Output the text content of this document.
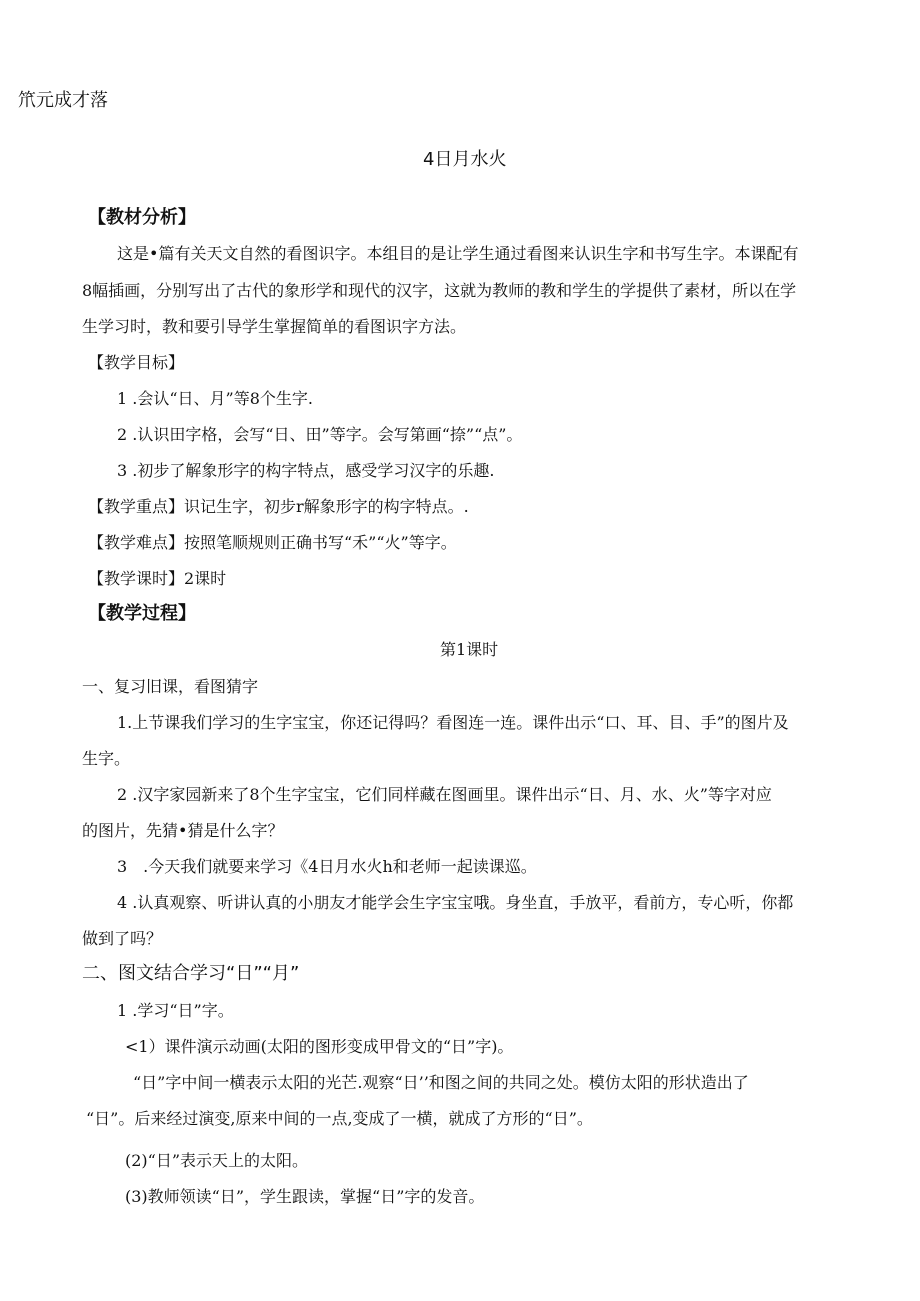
笊元成才落
4日月水火
【教材分析】
这是•篇有关天文自然的看图识字。本组目的是让学生通过看图来认识生字和书写生字。本课配有
8幅插画，分别写出了古代的象形学和现代的汉字，这就为教师的教和学生的学提供了素材，所以在学
生学习时，教和要引导学生掌握简单的看图识字方法。
【教学目标】
1 .会认“日、月”等8个生字.
2 .认识田字格，会写“日、田”等字。会写第画“捺”“点”。
3 .初步了解象形字的构字特点，感受学习汉字的乐趣.
【教学重点】识记生字，初步r解象形字的构字特点。.
【教学难点】按照笔顺规则正确书写“禾”“火”等字。
【教学课时】2课时
【教学过程】
第1课时
一、复习旧课，看图猜字
1.上节课我们学习的生字宝宝，你还记得吗？看图连一连。课件出示“口、耳、目、手”的图片及
生字。
2 .汉字家园新来了8个生字宝宝，它们同样藏在图画里。课件出示“日、月、水、火”等字对应
的图片，先猜•猜是什么字？
3　.今天我们就要来学习《4日月水火h和老师一起读课巡。
4 .认真观察、听讲认真的小朋友才能学会生字宝宝哦。身坐直，手放平，看前方，专心听，你都
做到了吗？
二、图文结合学习“日”“月”
1 .学习“日”字。
<1）课件演示动画(太阳的图形变成甲骨文的“日”字)。
“日”字中间一横表示太阳的光芒.观察“日’’和图之间的共同之处。模仿太阳的形状造出了
“日”。后来经过演变,原来中间的一点,变成了一横，就成了方形的“日”。
(2)“日”表示天上的太阳。
(3)教师领读“日”，学生跟读，掌握“日”字的发音。
